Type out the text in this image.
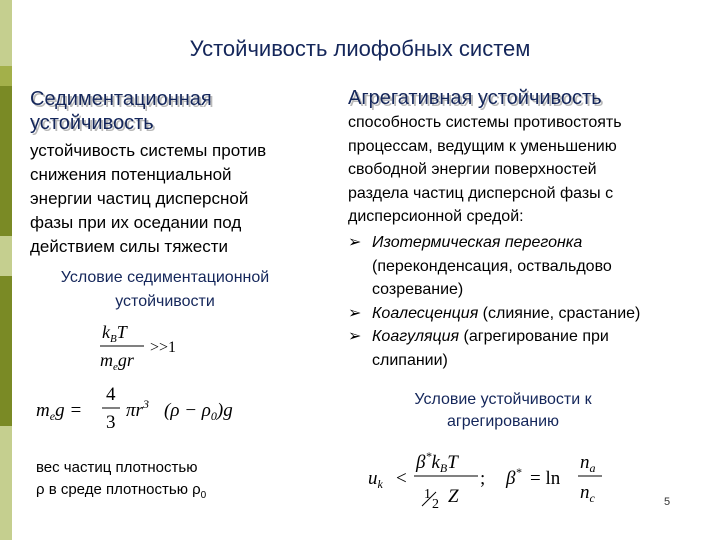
Устойчивость лиофобных систем
Седиментационная
устойчивость
устойчивость системы против
снижения потенциальной
энергии частиц дисперсной
фазы при их оседании под
действием силы тяжести
Условие седиментационной
устойчивости
$k_BT$
$m_egr$
>>1
$m_eg$ =
4
3
$\pi r^3$ $(\rho - \rho_0)g$
вес частиц плотностью
ρ в среде плотностью $\rho_0$
Агрегативная устойчивость
способность системы противостоять
процессам, ведущим к уменьшению
свободной энергии поверхностей
раздела частиц дисперсной фазы с
дисперсионной средой:
➢ Изотермическая перегонка
(переконденсация, оствальдово
созревание)
➢ Коалесценция (слияние, срастание)
➢ Коагуляция (агрегирование при
слипании)
Условие устойчивости к
агрегированию
$u_k$ <
$\beta^*k_BT$
1
2 Z
; β* = ln
$n_a$
$n_c$	5
